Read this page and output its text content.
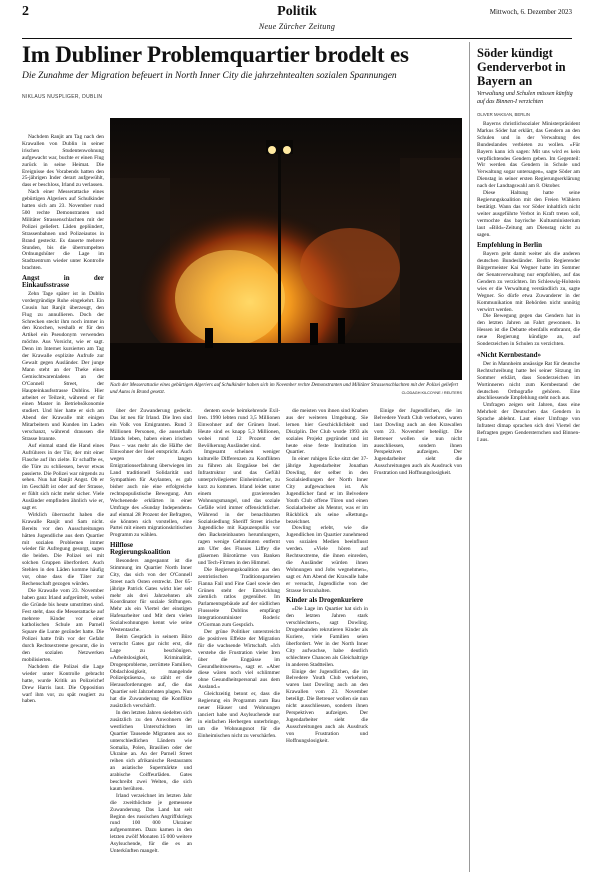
2	Politik
Neue Zürcher Zeitung
Mittwoch, 6. Dezember 2023
Im Dubliner Problemquartier brodelt es
Die Zunahme der Migration befeuert in North Inner City die jahrzehntealten sozialen Spannungen
NIKLAUS NUSPLIGER, DUBLIN

Nachdem Ranjit am Tag nach den Krawallen von Dublin in seiner irischen Studentenwohnung aufgewacht war, buchte er einen Flug zurück in seine Heimat. Die Ereignisse des Vorabends hatten den 25-jährigen Inder derart aufgewühlt, dass er beschloss, Irland zu verlassen.

Nach einer Messerattacke eines gebürtigen Algeriers auf Schulkinder hatten sich am 23. November rund 500 rechte Demonstranten und Militäter Strassenschlachten mit der Polizei geliefert. Läden geplündert, Strassenbahnen und Polizeiautos in Brand gesteckt. Es dauerte mehrere Stunden, bis die überrumpelten Ordnungshüter die Lage im Stadtzentrum wieder unter Kontrolle brachten.

Angst in der Einkaufsstrasse

Zehn Tage später ist in Dublin vordergründige Ruhe eingekehrt. Ein Cousin hat Ranjit überzeugt, den Flug zu annullieren. Doch der Schrecken steckt ihm noch immer in den Knochen, weshalb er für den Artikel ein Pseudonym verwenden möchte. Aus Vorsicht, wie er sagt. Denn im Internet kursierten am Tag der Krawalle explizite Aufrufe zur Gewalt gegen Ausländer. Der junge Mann steht an der Theke eines Gemischtwarenladens an der O'Connell Street, der Haupteinkaufsstrasse Dublins. Hier arbeitet er Teilzeit, während er für einen Master in Betriebsökonomie studiert. Und hier hatte er sich am Abend der Krawalle mit einigen Mitarbeitern und Kunden im Laden verschanzt, während draussen die Strasse brannte.

Auf einmal stand die Hand eines Aufrührers in der Tür, der mit einer Flasche auf ihn zielte. Er schaffte es, die Türe zu schliessen, bevor etwas passierte. Die Polizei war nirgends zu sehen. Nun hat Ranjit Angst. Ob er im Geschäft ist oder auf der Strasse, er fühlt sich nicht mehr sicher. Viele Ausländer empfinden ähnlich wie er, sagt er.

Wirklich überrascht haben die Krawalle Ranjit und Sam nicht. Bereits vor den Ausschreitungen hätten Jugendliche aus dem Quartier mit sozialen Problemen immer wieder für Aufregung gesorgt, sagen die beiden. Die Polizei sei mit solchen Gruppen überfordert. Auch Stehlen in den Läden komme häufig vor, ohne dass die Täter zur Rechenschaft gezogen würden.

Die Krawalle vom 23. November haben ganz Irland aufgerüttelt, wobei die Gründe bis heute umstritten sind. Fest steht, dass die Messerattacke auf mehrere Kinder vor einer katholischen Schule am Parnell Square die Lunte gezündet hatte. Die Polizei hatte früh vor der Gefahr durch Rechtsextreme gewarnt, die in den sozialen Netzwerken mobilisierten.

Nachdem die Polizei die Lage wieder unter Kontrolle gebracht hatte, wurde Kritik an Polizeichef Drew Harris laut. Die Opposition warf ihm vor, zu spät reagiert zu haben.

Nach der Messerattacke eines gebürtigen Algeriers auf Schulkinder haben sich im November rechte Demonstranten und Militäter Strassenschlachten mit der Polizei geliefert und Autos in Brand gesetzt.	CLODAGH KILCOYNE / REUTERS

über der Zuwanderung gedeckt. Das ist neu für Irland. Die Iren sind ein Volk von Emigranten. Rund 3 Millionen Personen, die ausserhalb Irlands leben, haben einen irischen Pass – was mehr als die Hälfte der Einwohner der Insel entspricht. Auch wegen der langen Emigrationserfahrung überwiegen im Land traditionell Solidarität und Sympathien für Asylanten, es gab bisher auch nie eine erfolgreiche rechtspopulistische Bewegung. Am Wochenende erklärten in einer Umfrage des «Sunday Independent» auf einmal 28 Prozent der Befragten, sie könnten sich vorstellen, eine Partei mit einem migrationskritischen Programm zu wählen.

Hilflose Regierungskoalition

Besonders angespannt ist die Stimmung im Quartier North Inner City, das sich von der O'Connell Street nach Osten erstreckt. Der 65-jährige Patrick Gates wirkt hier seit mehr als drei Jahrzehnten als Koordinator für soziale Stiftungen. Mehr als ein Viertel der einstigen Hafenarbeiter und Mit dem vielen Sozialwohnungen kennt wie seine Westentasche.

Beim Gespräch in seinem Büro verrucht Gates gar nicht erst, die Lage zu beschönigen. «Arbeitslosigkeit, Kriminalität, Drogenprobleme, zerrüttete Familien, Obdachlosigkeit, mangelnde Polizeipräsenz», so zählt er die Herausforderungen auf, die das Quartier seit Jahrzehnten plagen. Nun hat die Zuwanderung die Konflikte zusätzlich verschärft.

In den letzten Jahren siedelten sich zusätzlich zu den Anwohnern der westlichen Unterschichten im Quartier Tausende Migranten aus so unterschiedlichen Ländern wie Somalia, Polen, Brasilien oder der Ukraine an. An der Parnell Street reihen sich afrikanische Restaurants an asiatische Supermärkte und arabische Coiffeurläden. Gates beschreibt zwei Welten, die sich kaum berühren.

Irland verzeichnet im letzten Jahr die zweithöchste je gemessene Zuwanderung. Das Land hat seit Beginn des russischen Angriffskriegs rund 100 000 Ukrainer aufgenommen. Dazu kamen in den letzten zwölf Monaten 15 000 weitere Asylsuchende, für die es an Unterkünften mangelt.

dentem sowie heimkehrende Exil-Iren. 1990 lebten rund 3,5 Millionen Einwohner auf der Grünen Insel. Heute sind es knapp 5,3 Millionen, wobei rund 12 Prozent der Bevölkerung Ausländer sind.

Imgesamt scheinen weniger kulturelle Differenzen zu Konflikten zu führen als Engpässe bei der Infrastruktur und das Gefühl unterprivilegierter Einheimischer, zu kurz zu kommen. Irland leidet unter einem gravierenden Wohnungsmangel, und das soziale Gefälle wird immer offensichtlicher. Während in der benachbarten Sozialsiedlung Sheriff Street irische Jugendliche mit Kapuzenpullis vor den Backsteinbauten herumlungern, ragen wenige Gehminuten entfernt am Ufer des Flusses Liffey die gläsernen Bürotürme von Banken und Tech-Firmen in den Himmel.

Die Regierungskoalition aus den zentristischen Traditionsparteien Fianna Fail und Fine Gael sowie den Grünen steht der Entwicklung ziemlich ratlos gegenüber. Im Parlamentsgebäude auf der südlichen Flussseite Dublins empfängt Integrationsminister Roderic O'Gorman zum Gespräch.

Der grüne Politiker unterstreicht die positiven Effekte der Migration für die wachsende Wirtschaft. «Ich verstehe die Frustration vieler Iren über die Engpässe im Gesundheitswesen», sagt er. «Aber diese wären noch viel schlimmer ohne Gesundheitspersonal aus dem Ausland.»

Gleichzeitig betont er, dass die Regierung ein Programm zum Bau neuer Häuser und Wohnungen lanciert habe und Asylsuchende nur in einfachen Herbergen unterbringe, um die Wohnungsnot für die Einheimischen nicht zu verschärfen.

die meisten von ihnen sind Knaben aus der weiteren Umgebung. Sie lernen hier Geschicklichkeit und Disziplin. Der Club wurde 1993 als soziales Projekt gegründet und ist heute eine feste Institution im Quartier.

In einer ruhigen Ecke sitzt der 37-jährige Jugendarbeiter Jonathan Dowling, der selber in den Sozialsiedlungen der North Inner City aufgewachsen ist. Als Jugendlicher fand er im Belvedere Youth Club offene Türen und einen Sozialarbeiter als Mentor, was er im Rückblick als seine «Rettung» bezeichnet.

Dowling erlebt, wie die Jugendlichen im Quartier zunehmend von sozialen Medien beeinflusst werden. «Viele hören auf Rechtsextreme, die ihnen einreden, die Ausländer würden ihnen Wohnungen und Jobs wegnehmen», sagt er. Am Abend der Krawalle habe er versucht, Jugendliche von der Strasse fernzuhalten.

Kinder als Drogenkuriere

«Die Lage im Quartier hat sich in den letzten Jahren stark verschlechtert», sagt Dowling. Drogenbanden rekrutieren Kinder als Kuriere, viele Familien seien überfordert. Wer in der North Inner City aufwachse, habe deutlich schlechtere Chancen als Gleichaltrige in anderen Stadtteilen.

Einige der Jugendlichen, die im Belvedere Youth Club verkehren, waren laut Dowling auch an den Krawallen vom 23. November beteiligt. Die Betreuer wollen sie nun nicht ausschliessen, sondern ihnen Perspektiven aufzeigen. Der Jugendarbeiter sieht die Ausschreitungen auch als Ausdruck von Frustration und Hoffnungslosigkeit.

Einige der Jugendlichen, die im Belvedere Youth Club verkehren, waren laut Dowling auch an den Krawallen vom 23. November beteiligt. Die Betreuer wollen sie nun nicht ausschliessen, sondern ihnen Perspektiven aufzeigen. Der Jugendarbeiter sieht die Ausschreitungen auch als Ausdruck von Frustration und Hoffnungslosigkeit.

Söder kündigt Genderverbot in Bayern an
Verwaltung und Schulen müssen künftig auf das Binnen-I verzichten
OLIVER MAKSAN, BERLIN

Bayerns christlichsozialer Ministerpräsident Markus Söder hat erklärt, das Gendern an den Schulen und in der Verwaltung des Bundeslandes verbieten zu wollen. «Für Bayern kann ich sagen: Mit uns wird es kein verpflichtendes Gendern geben. Im Gegenteil: Wir werden das Gendern in Schule und Verwaltung sogar untersagen», sagte Söder am Dienstag in seiner ersten Regierungserklärung nach der Landtagswahl am 8. Oktober.

Diese Haltung hatte seine Regierungskoalition mit den Freien Wählern bestätigt. Wann das vor Söder inhaltlich nicht weiter ausgeführte Verbot in Kraft treten soll, vermochte das bayrische Kultusministerium laut «Bild»-Zeitung am Dienstag nicht zu sagen.

Empfehlung in Berlin

Bayern geht damit weiter als die anderen deutschen Bundesländer. Berlin Regierender Bürgermeister Kai Wegner hatte im Sommer der Senatsverwaltung nur empfohlen, auf das Gendern zu verzichten. Im Schleswig-Holstein wies er die Verwaltung verständlich zu, sagte Wegner. So dürfe etwa Zuwanderer in der Kommunikation mit Behörden nicht unnötig verwirrt werden.

Die Bewegung gegen das Gendern hat in den letzten Jahren an Fahrt gewonnen. In Hessen ist die Debatte ebenfalls entbrannt, die neue Regierung kündigte an, auf Sonderzeichen in Schulen zu verzichten.

«Nicht Kernbestand»

Der in Mannheim ansässige Rat für deutsche Rechtschreibung hatte bei seiner Sitzung im Sommer erklärt, dass Sonderzeichen im Wortinneren nicht zum Kernbestand der deutschen Orthografie gehören. Eine abschliessende Empfehlung steht noch aus.

Umfragen zeigen seit Jahren, dass eine Mehrheit der Deutschen das Gendern in Sprache ablehnt. Laut einer Umfrage von Infratest dimap sprachen sich drei Viertel der Befragten gegen Gendersternchen und Binnen-I aus.
